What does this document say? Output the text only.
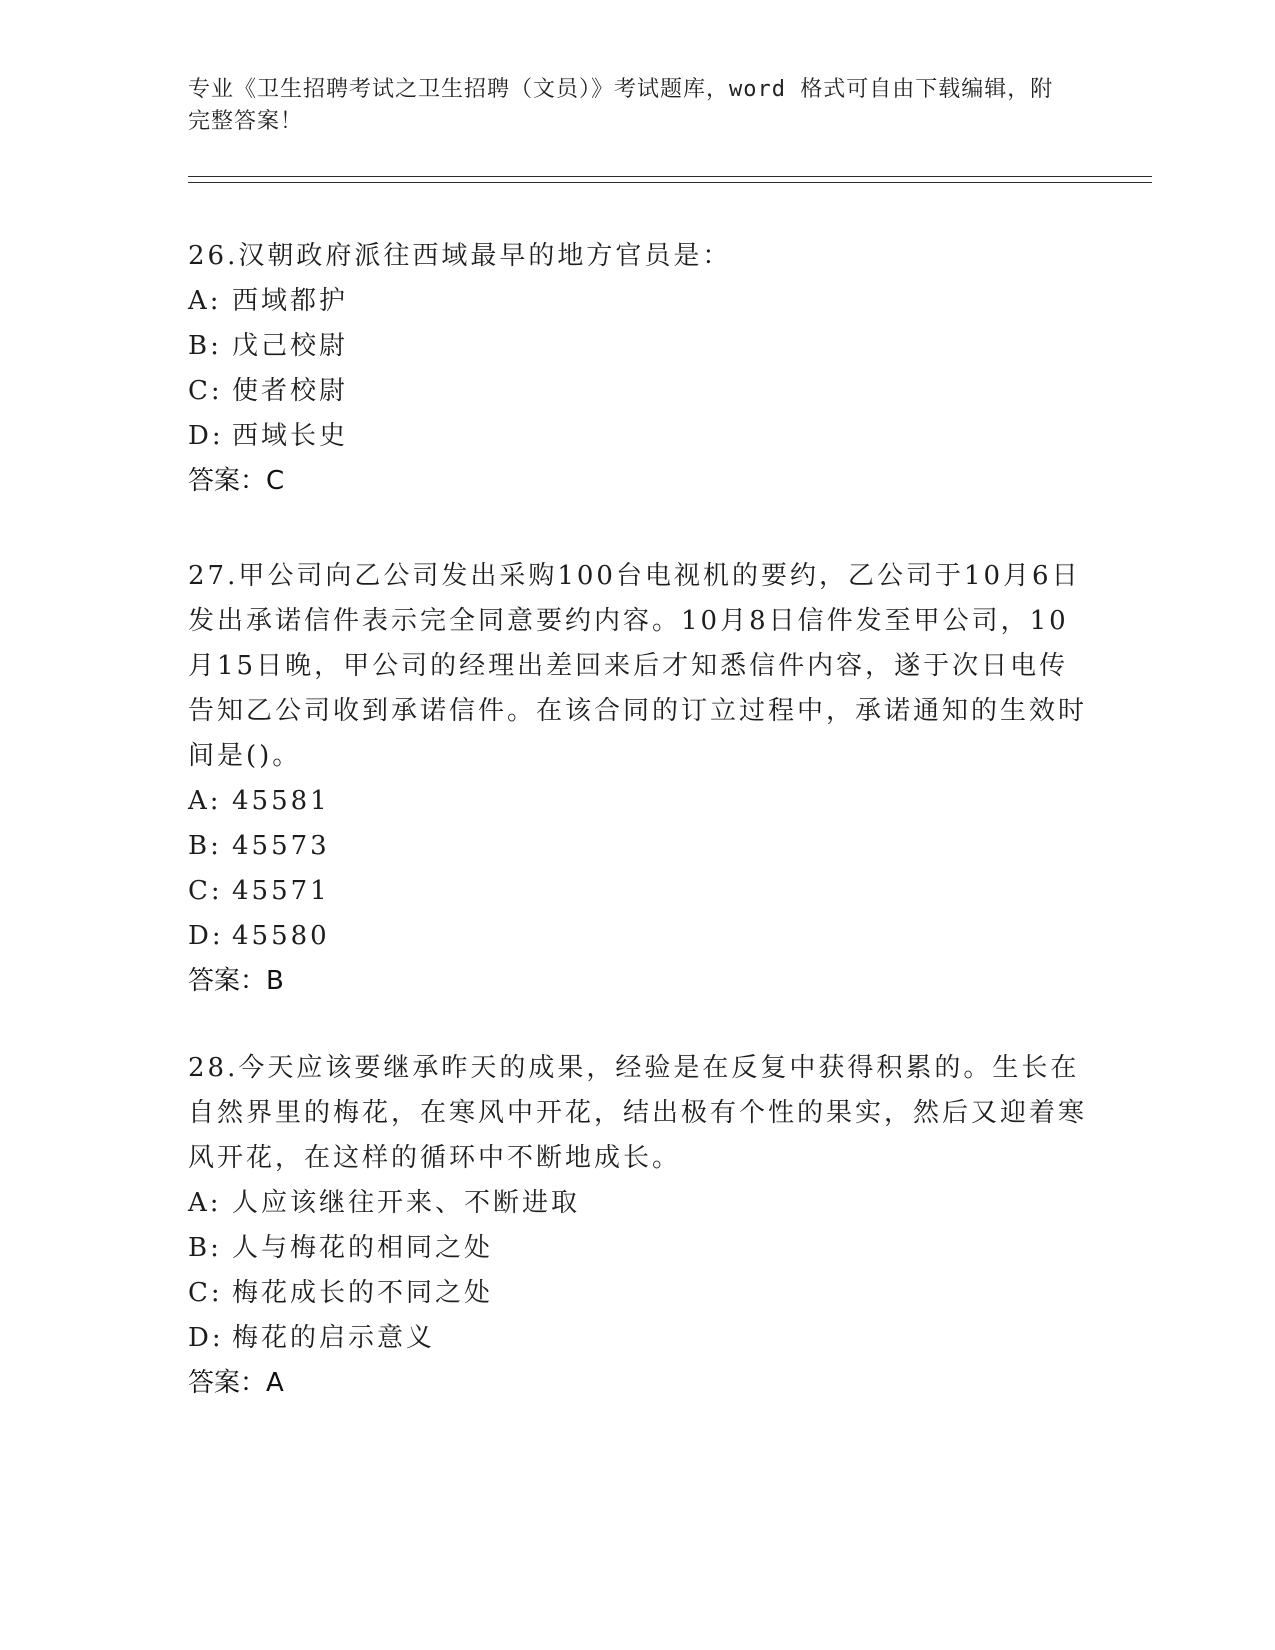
专业《卫生招聘考试之卫生招聘（文员）》考试题库，word 格式可自由下载编辑，附完整答案！

26.汉朝政府派往西域最早的地方官员是：

A: 西域都护
B: 戊己校尉
C: 使者校尉
D: 西域长史
答案：C

27.甲公司向乙公司发出采购100台电视机的要约，乙公司于10月6日发出承诺信件表示完全同意要约内容。10月8日信件发至甲公司，10月15日晚，甲公司的经理出差回来后才知悉信件内容，遂于次日电传告知乙公司收到承诺信件。在该合同的订立过程中，承诺通知的生效时间是()。

A: 45581
B: 45573
C: 45571
D: 45580
答案：B

28.今天应该要继承昨天的成果，经验是在反复中获得积累的。生长在自然界里的梅花，在寒风中开花，结出极有个性的果实，然后又迎着寒风开花，在这样的循环中不断地成长。

A: 人应该继往开来、不断进取
B: 人与梅花的相同之处
C: 梅花成长的不同之处
D: 梅花的启示意义
答案：A
